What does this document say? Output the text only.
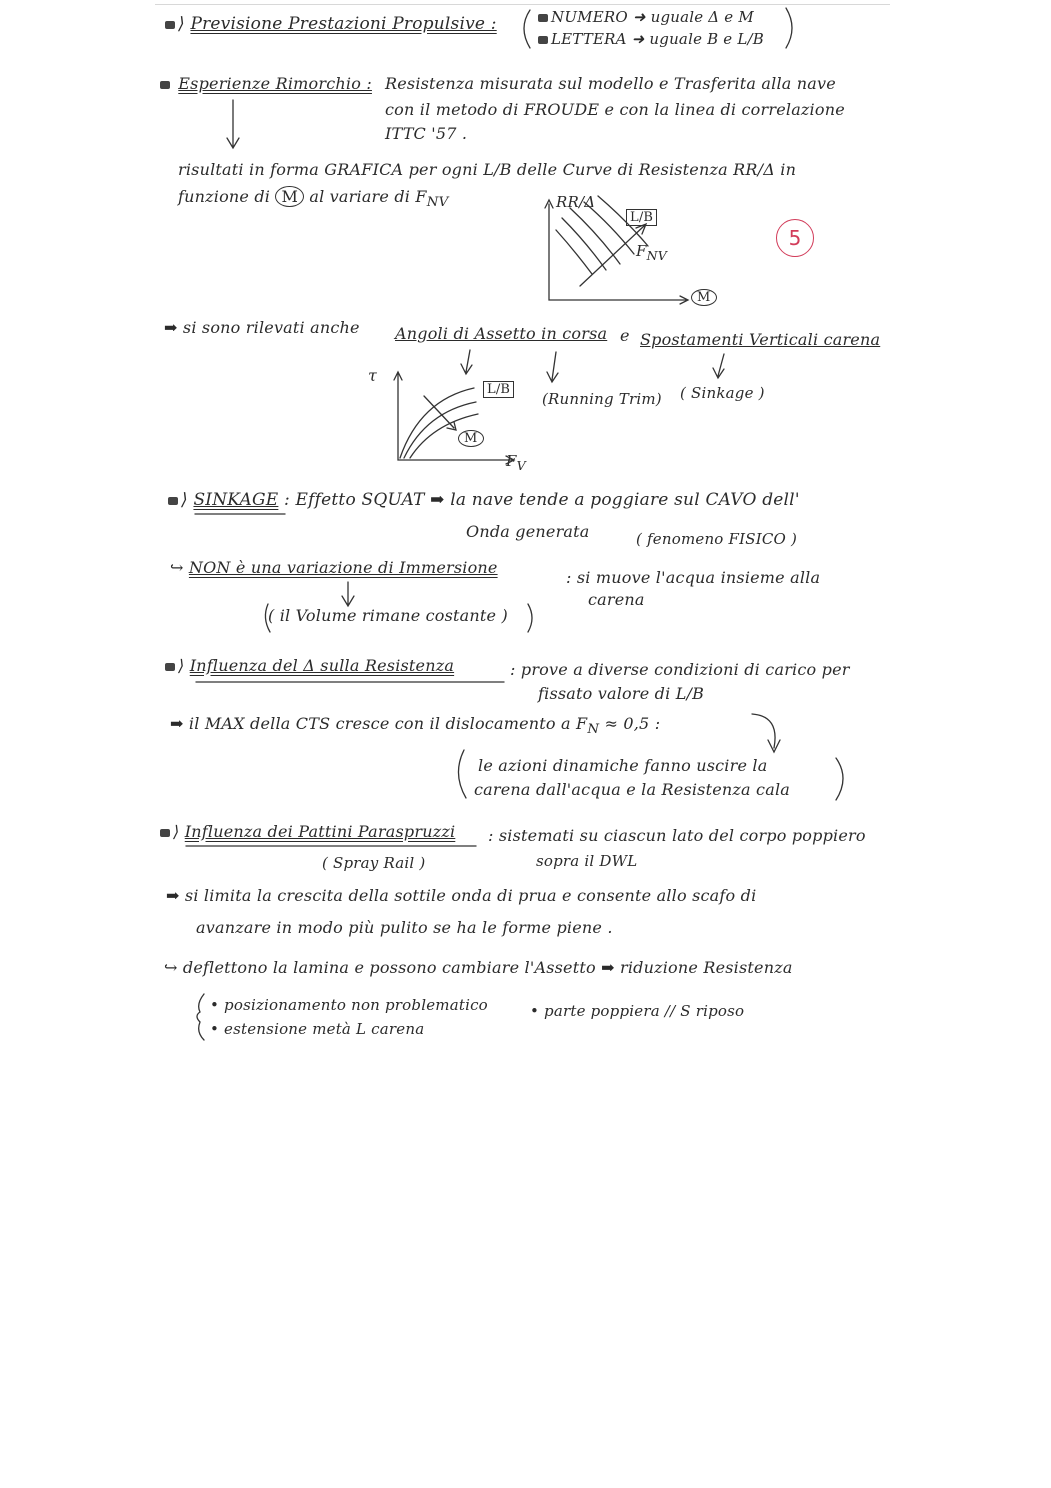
⟩ Previsione Prestazioni Propulsive :	NUMERO ➜ uguale Δ e M
LETTERA ➜ uguale B e L/B
Esperienze Rimorchio : Resistenza misurata sul modello e Trasferita alla nave
con il metodo di FROUDE e con la linea di correlazione
ITTC '57 .
risultati in forma GRAFICA per ogni L/B delle Curve di Resistenza RR/Δ in
funzione di M al variare di $F_{NV}$	RR/Δ
L/B
$F_{NV}$
M
5
➡ si sono rilevati anche Angoli di Assetto in corsa e Spostamenti Verticali carena
(Running Trim) ( Sinkage )
τ
L/B
M
$F_V$
⟩ SINKAGE : Effetto SQUAT ➡ la nave tende a poggiare sul CAVO dell'
Onda generata	( fenomeno FISICO )
↪ NON è una variazione di Immersione
: si muove l'acqua insieme alla
carena
( il Volume rimane costante )
⟩ Influenza del Δ sulla Resistenza	: prove a diverse condizioni di carico per
fissato valore di L/B
➡ il MAX della CTS cresce con il dislocamento a $F_N \approx 0,5$ :
le azioni dinamiche fanno uscire la
carena dall'acqua e la Resistenza cala
⟩ Influenza dei Pattini Paraspruzzi
( Spray Rail )
: sistemati su ciascun lato del corpo poppiero
sopra il DWL
➡ si limita la crescita della sottile onda di prua e consente allo scafo di
avanzare in modo più pulito se ha le forme piene .
↪ deflettono la lamina e possono cambiare l'Assetto ➡ riduzione Resistenza
• posizionamento non problematico
• estensione metà L carena
• parte poppiera // S riposo
